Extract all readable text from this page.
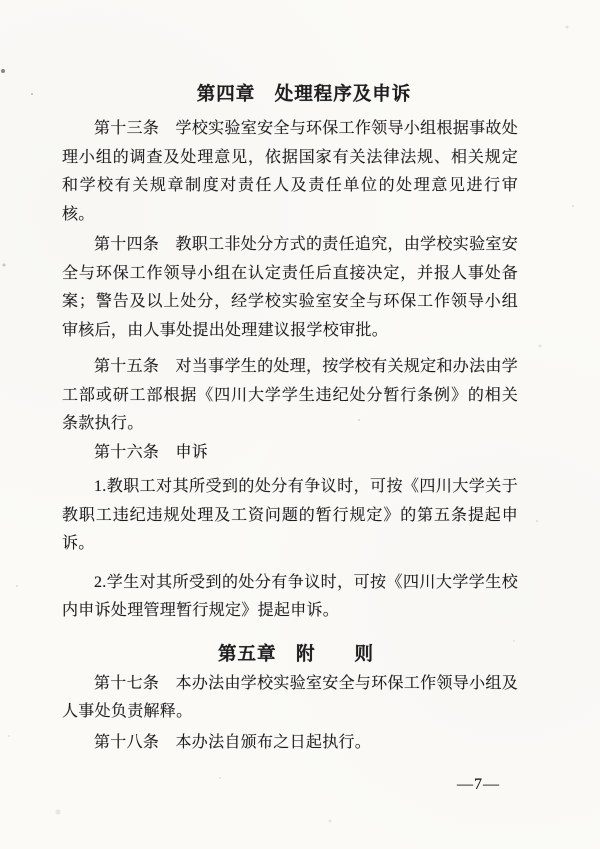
第四章　处理程序及申诉

第十三条　学校实验室安全与环保工作领导小组根据事故处理小组的调查及处理意见，依据国家有关法律法规、相关规定和学校有关规章制度对责任人及责任单位的处理意见进行审核。

第十四条　教职工非处分方式的责任追究，由学校实验室安全与环保工作领导小组在认定责任后直接决定，并报人事处备案；警告及以上处分，经学校实验室安全与环保工作领导小组审核后，由人事处提出处理建议报学校审批。

第十五条　对当事学生的处理，按学校有关规定和办法由学工部或研工部根据《四川大学学生违纪处分暂行条例》的相关条款执行。

第十六条　申诉

1.教职工对其所受到的处分有争议时，可按《四川大学关于教职工违纪违规处理及工资问题的暂行规定》的第五条提起申诉。

2.学生对其所受到的处分有争议时，可按《四川大学学生校内申诉处理管理暂行规定》提起申诉。

第五章　附　　则

第十七条　本办法由学校实验室安全与环保工作领导小组及人事处负责解释。

第十八条　本办法自颁布之日起执行。

—7—
